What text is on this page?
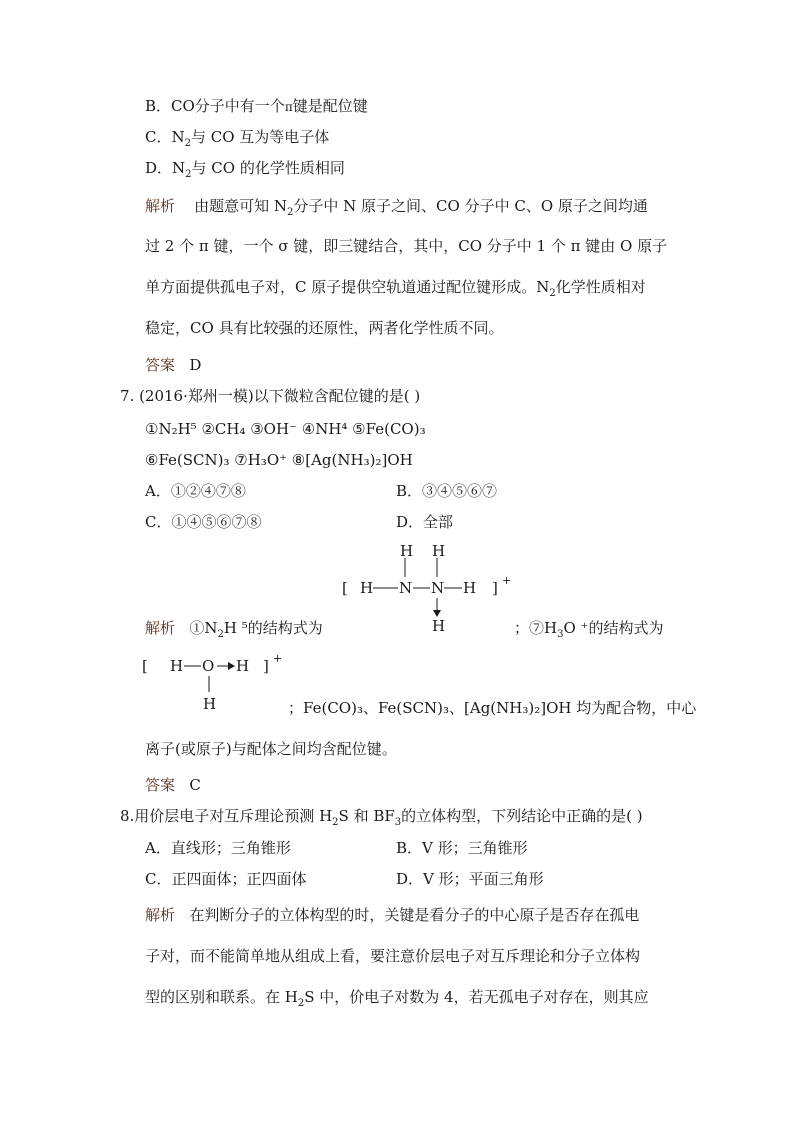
B．CO分子中有一个π键是配位键
C．$N_2$与 CO 互为等电子体
D．$N_2$与 CO 的化学性质相同
解析 由题意可知 $N_2$分子中 N 原子之间、CO 分子中 C、O 原子之间均通
过 2 个 π 键，一个 σ 键，即三键结合，其中，CO 分子中 1 个 π 键由 O 原子
单方面提供孤电子对，C 原子提供空轨道通过配位键形成。$N_2$化学性质相对
稳定，CO 具有比较强的还原性，两者化学性质不同。
答案 D
7. (2016·郑州一模)以下微粒含配位键的是( )
①N₂H⁵ ②CH₄ ③OH⁻ ④NH⁴ ⑤Fe(CO)₃
⑥Fe(SCN)₃ ⑦H₃O⁺ ⑧[Ag(NH₃)₂]OH
A．①②④⑦⑧	B．③④⑤⑥⑦
C．①④⑤⑥⑦⑧	D．全部
H H
[ H N N H ] +
H
解析 $①N_2H$ ⁵的结构式为	；$⑦H_3O$ ⁺的结构式为
[ H O H ] +
H	；Fe(CO)₃、Fe(SCN)₃、[Ag(NH₃)₂]OH 均为配合物，中心
离子(或原子)与配体之间均含配位键。
答案 C
8.用价层电子对互斥理论预测 $H_2S$ 和 $BF_3$的立体构型，下列结论中正确的是( )
A．直线形；三角锥形	B．V 形；三角锥形
C．正四面体；正四面体	D．V 形；平面三角形
解析 在判断分子的立体构型的时，关键是看分子的中心原子是否存在孤电
子对，而不能简单地从组成上看，要注意价层电子对互斥理论和分子立体构
型的区别和联系。在 $H_2S$ 中，价电子对数为 4，若无孤电子对存在，则其应
